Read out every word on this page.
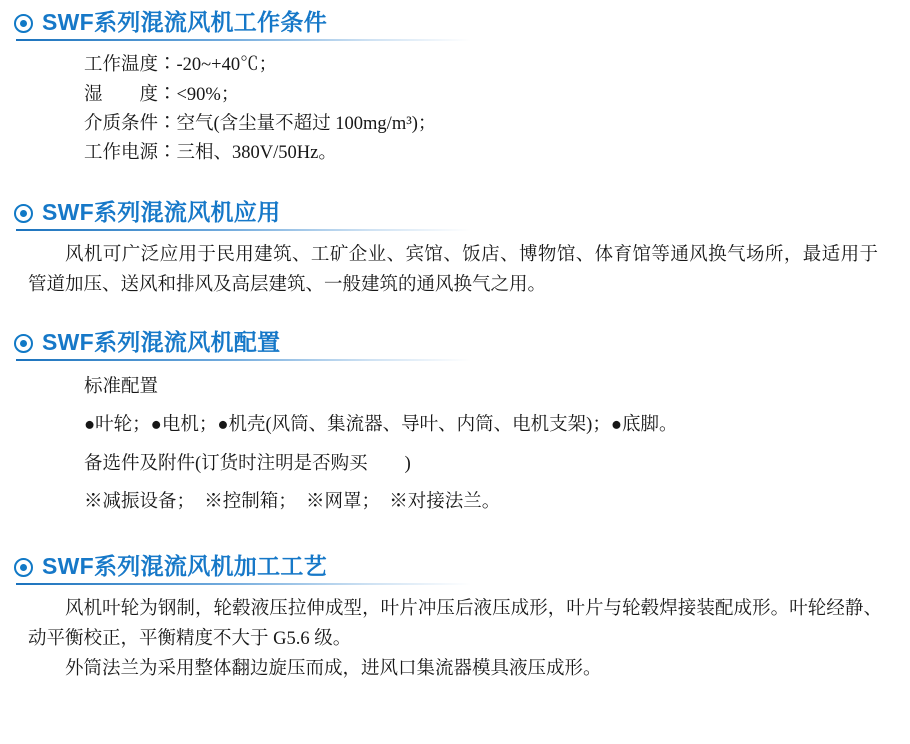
SWF系列混流风机工作条件
工作温度∶-20~+40℃；
湿　　度∶<90%；
介质条件∶空气(含尘量不超过 100mg/m³)；
工作电源∶三相、380V/50Hz。
SWF系列混流风机应用
风机可广泛应用于民用建筑、工矿企业、宾馆、饭店、博物馆、体育馆等通风换气场所，最适用于管道加压、送风和排风及高层建筑、一般建筑的通风换气之用。
SWF系列混流风机配置
标准配置
●叶轮；●电机；●机壳(风筒、集流器、导叶、内筒、电机支架)；●底脚。
备选件及附件(订货时注明是否购买　　)
※减振设备；　※控制箱；　※网罩；　※对接法兰。
SWF系列混流风机加工工艺

风机叶轮为钢制，轮毂液压拉伸成型，叶片冲压后液压成形，叶片与轮毂焊接装配成形。叶轮经静、动平衡校正，平衡精度不大于 G5.6 级。

外筒法兰为采用整体翻边旋压而成，进风口集流器模具液压成形。
